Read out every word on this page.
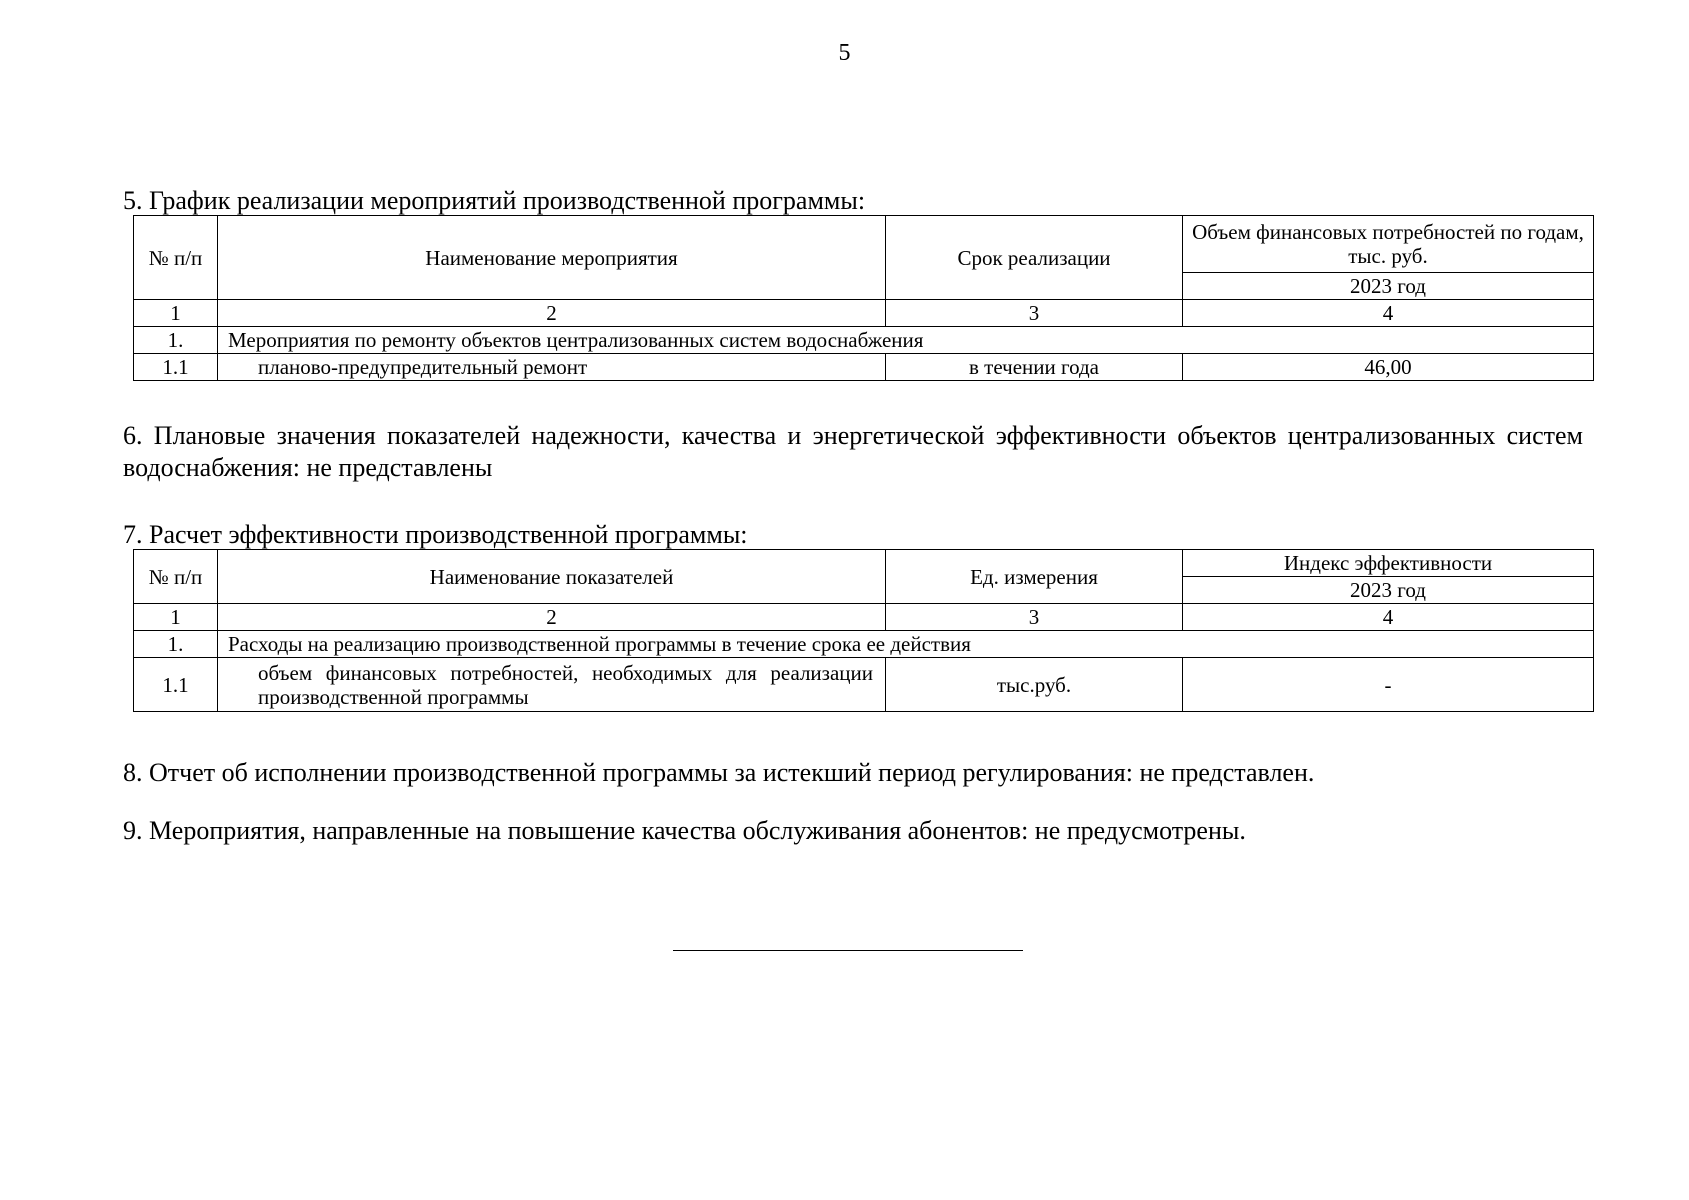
5
5. График реализации мероприятий производственной программы:
№ п/п	Наименование мероприятия	Срок реализации	Объем финансовых потребностей по годам, тыс. руб.
			2023 год
1	2	3	4
1.	Мероприятия по ремонту объектов централизованных систем водоснабжения		
1.1	планово-предупредительный ремонт	в течении года	46,00
6. Плановые значения показателей надежности, качества и энергетической эффективности объектов централизованных систем водоснабжения: не представлены
7. Расчет эффективности производственной программы:
№ п/п	Наименование показателей	Ед. измерения	Индекс эффективности
			2023 год
1	2	3	4
1.	Расходы на реализацию производственной программы в течение срока ее действия		
1.1	объем финансовых потребностей, необходимых для реализации производственной программы	тыс.руб.	-
8. Отчет об исполнении производственной программы за истекший период регулирования: не представлен.
9. Мероприятия, направленные на повышение качества обслуживания абонентов: не предусмотрены.
